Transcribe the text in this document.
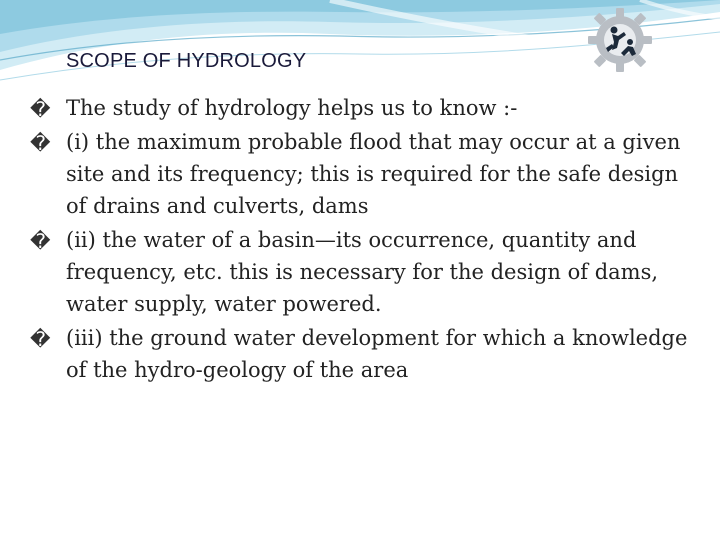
SCOPE OF HYDROLOGY
� The study of hydrology helps us to know :-
� (i) the maximum probable flood that may occur at a given site and its frequency; this is required for the safe design of drains and culverts, dams
� (ii) the water of a basin—its occurrence, quantity and frequency, etc. this is necessary for the design of dams, water supply, water powered.
� (iii) the ground water development for which a knowledge of the hydro-geology of the area
